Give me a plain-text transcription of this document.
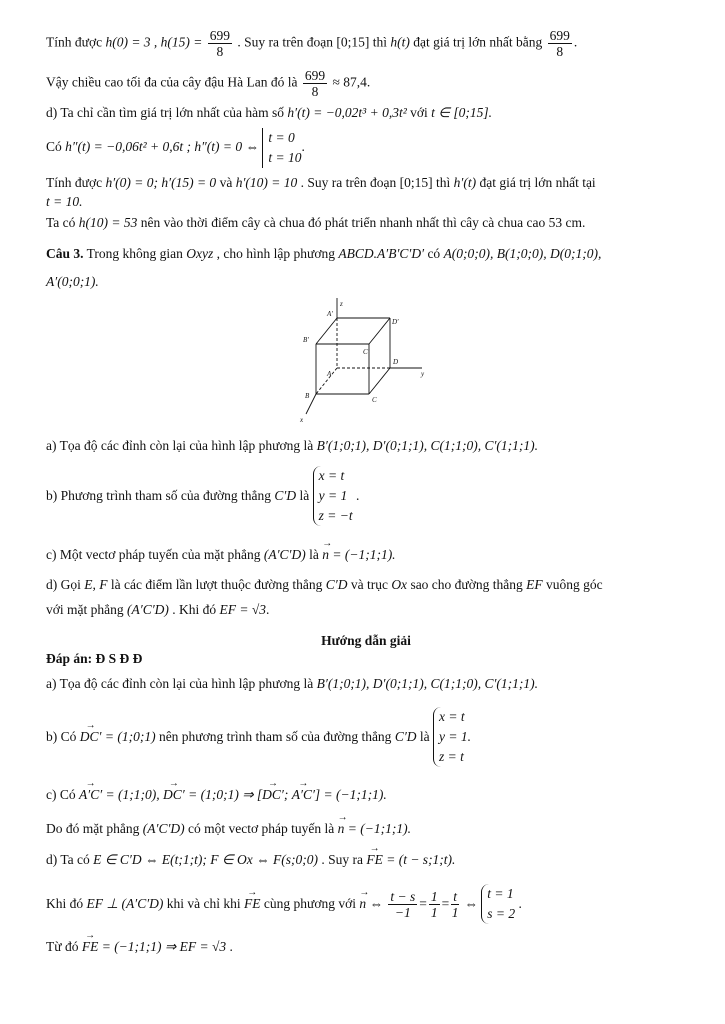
Tính được h(0) = 3 , $h(15) = \frac{699}{8}$ . Suy ra trên đoạn [0;15] thì h(t) đạt giá trị lớn nhất bằng $\frac{699}{8}$ .
Vậy chiều cao tối đa của cây đậu Hà Lan đó là $\frac{699}{8} \approx 87,4$.
d) Ta chỉ cần tìm giá trị lớn nhất của hàm số h′(t) = −0,02t³ + 0,3t² với t ∈ [0;15].
Có h″(t) = −0,06t² + 0,6t ; h″(t) = 0 ⇔ t = 0
t = 10.
Tính được h′(0) = 0; h′(15) = 0 và h′(10) = 10 . Suy ra trên đoạn [0;15] thì h′(t) đạt giá trị lớn nhất tại
t = 10.
Ta có h(10) = 53 nên vào thời điểm cây cà chua đó phát triển nhanh nhất thì cây cà chua cao 53 cm.
Câu 3. Trong không gian Oxyz , cho hình lập phương ABCD.A′B′C′D′ có A(0;0;0), B(1;0;0), D(0;1;0),
A′(0;0;1).
z
A′
D′
B′
C′
D
y
A
B	C
x
a) Tọa độ các đỉnh còn lại của hình lập phương là B′(1;0;1), D′(0;1;1), C(1;1;0), C′(1;1;1).
b) Phương trình tham số của đường thẳng C′D là x = t
y = 1
z = −t .
c) Một vectơ pháp tuyến của mặt phẳng (A′C′D) là → n = (−1;1;1).
d) Gọi E, F là các điểm lần lượt thuộc đường thẳng C′D và trục Ox sao cho đường thẳng EF vuông góc
với mặt phẳng (A′C′D) . Khi đó EF = √3.
Hướng dẫn giải
Đáp án: Đ S Đ Đ
a) Tọa độ các đỉnh còn lại của hình lập phương là B′(1;0;1), D′(0;1;1), C(1;1;0), C′(1;1;1).
b) Có → DC′ = (1;0;1) nên phương trình tham số của đường thẳng C′D là x = t
y = 1.
z = t
c) Có → A′C′ = (1;1;0), → DC′ = (1;0;1) ⇒ [→ DC′; → A′C′] = (−1;1;1).
Do đó mặt phẳng (A′C′D) có một vectơ pháp tuyến là → n = (−1;1;1).
d) Ta có E ∈ C′D ⇔ E(t;1;t); F ∈ Ox ⇔ F(s;0;0) . Suy ra → FE = (t − s;1;t).
Khi đó EF ⊥ (A′C′D) khi và chỉ khi → FE cùng phương với → n ⇔ $\frac{t - s}{-1} = \frac{1}{1} = \frac{t}{1}$ ⇔ t = 1
s = 2 .
Từ đó → FE = (−1;1;1) ⇒ EF = √3 .
